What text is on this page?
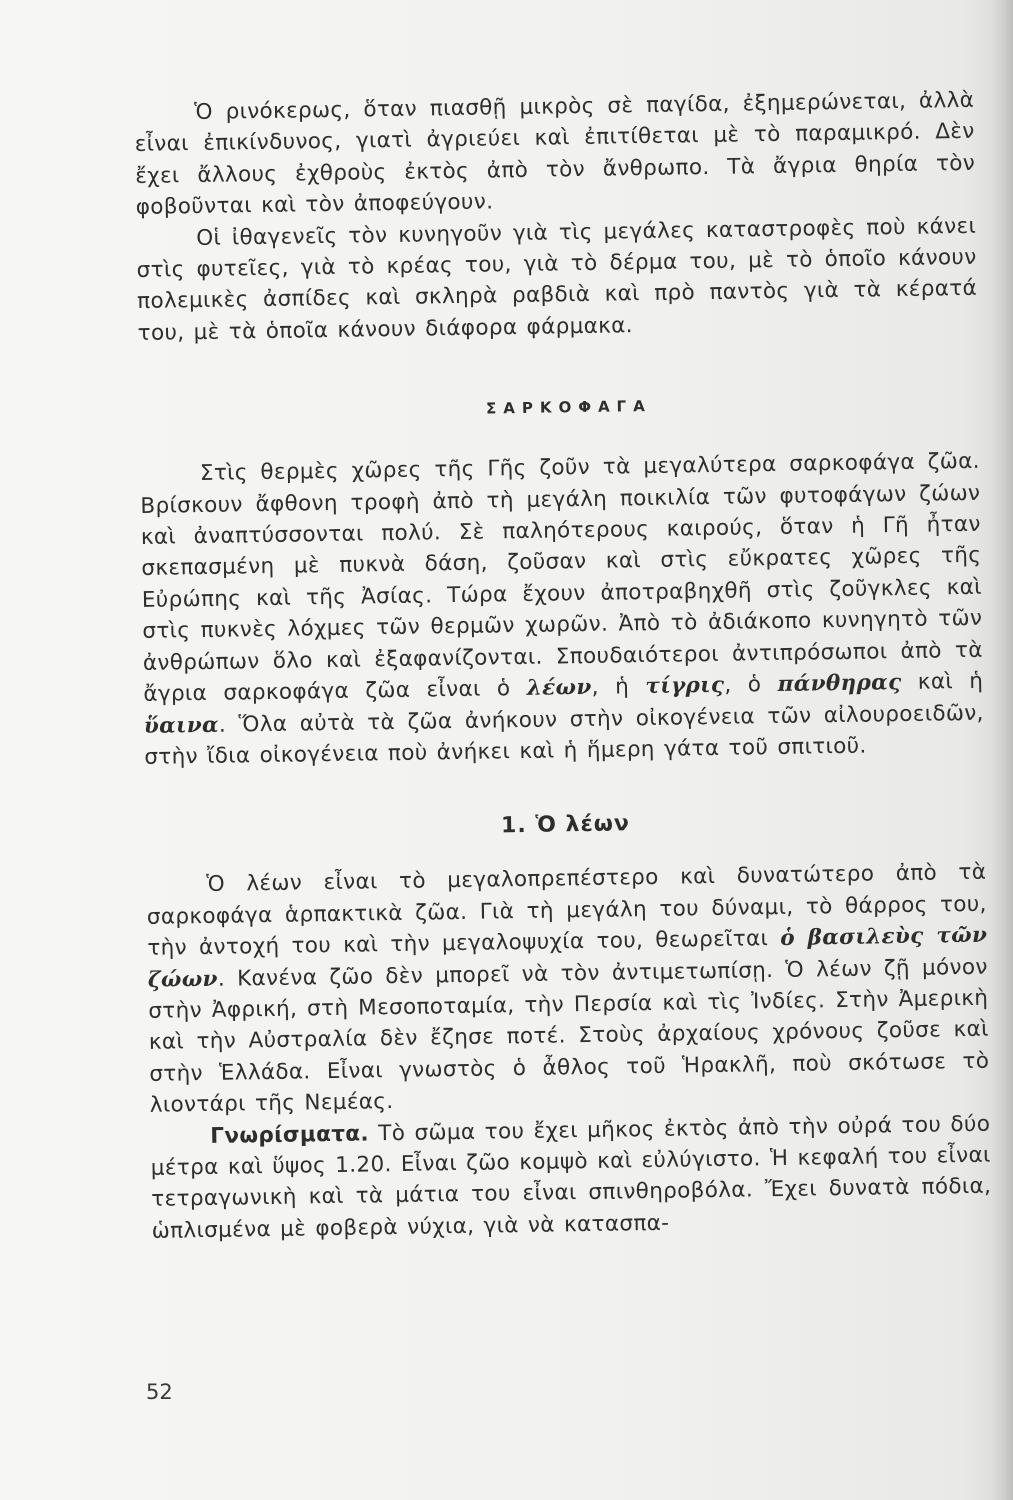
Ὁ ρινόκερως, ὅταν πιασθῇ μικρὸς σὲ παγίδα, ἐξημερώνεται, ἀλλὰ εἶναι ἐπικίνδυνος, γιατὶ ἀγριεύει καὶ ἐπιτίθεται μὲ τὸ παραμικρό. Δὲν ἔχει ἄλλους ἐχθροὺς ἐκτὸς ἀπὸ τὸν ἄνθρωπο. Τὰ ἄγρια θηρία τὸν φοβοῦνται καὶ τὸν ἀποφεύγουν.

Οἱ ἰθαγενεῖς τὸν κυνηγοῦν γιὰ τὶς μεγάλες καταστροφὲς ποὺ κάνει στὶς φυτεῖες, γιὰ τὸ κρέας του, γιὰ τὸ δέρμα του, μὲ τὸ ὁποῖο κάνουν πολεμικὲς ἀσπίδες καὶ σκληρὰ ραβδιὰ καὶ πρὸ παντὸς γιὰ τὰ κέρατά του, μὲ τὰ ὁποῖα κάνουν διάφορα φάρμακα.

ΣΑΡΚΟΦΑΓΑ

Στὶς θερμὲς χῶρες τῆς Γῆς ζοῦν τὰ μεγαλύτερα σαρκοφάγα ζῶα. Βρίσκουν ἄφθονη τροφὴ ἀπὸ τὴ μεγάλη ποικιλία τῶν φυτοφάγων ζώων καὶ ἀναπτύσσονται πολύ. Σὲ παληότερους καιρούς, ὅταν ἡ Γῆ ἦταν σκεπασμένη μὲ πυκνὰ δάση, ζοῦσαν καὶ στὶς εὔκρατες χῶρες τῆς Εὐρώπης καὶ τῆς Ἀσίας. Τώρα ἔχουν ἀποτραβηχθῆ στὶς ζοῦγκλες καὶ στὶς πυκνὲς λόχμες τῶν θερμῶν χωρῶν. Ἀπὸ τὸ ἀδιάκοπο κυνηγητὸ τῶν ἀνθρώπων ὅλο καὶ ἐξαφανίζονται. Σπουδαιότεροι ἀντιπρόσωποι ἀπὸ τὰ ἄγρια σαρκοφάγα ζῶα εἶναι ὁ λέων, ἡ τίγρις, ὁ πάνθηρας καὶ ἡ ὕαινα. Ὅλα αὐτὰ τὰ ζῶα ἀνήκουν στὴν οἰκογένεια τῶν αἰλουροειδῶν, στὴν ἴδια οἰκογένεια ποὺ ἀνήκει καὶ ἡ ἥμερη γάτα τοῦ σπιτιοῦ.

1. Ὁ λέων

Ὁ λέων εἶναι τὸ μεγαλοπρεπέστερο καὶ δυνατώτερο ἀπὸ τὰ σαρκοφάγα ἁρπακτικὰ ζῶα. Γιὰ τὴ μεγάλη του δύναμι, τὸ θάρρος του, τὴν ἀντοχή του καὶ τὴν μεγαλοψυχία του, θεωρεῖται ὁ βασιλεὺς τῶν ζώων. Κανένα ζῶο δὲν μπορεῖ νὰ τὸν ἀντιμετωπίσῃ. Ὁ λέων ζῇ μόνον στὴν Ἀφρική, στὴ Μεσοποταμία, τὴν Περσία καὶ τὶς Ἰνδίες. Στὴν Ἀμερικὴ καὶ τὴν Αὐστραλία δὲν ἔζησε ποτέ. Στοὺς ἀρχαίους χρόνους ζοῦσε καὶ στὴν Ἑλλάδα. Εἶναι γνωστὸς ὁ ἆθλος τοῦ Ἡρακλῆ, ποὺ σκότωσε τὸ λιοντάρι τῆς Νεμέας.

Γνωρίσματα. Τὸ σῶμα του ἔχει μῆκος ἐκτὸς ἀπὸ τὴν οὐρά του δύο μέτρα καὶ ὕψος 1.20. Εἶναι ζῶο κομψὸ καὶ εὐλύγιστο. Ἡ κεφαλή του εἶναι τετραγωνικὴ καὶ τὰ μάτια του εἶναι σπινθηροβόλα. Ἔχει δυνατὰ πόδια, ὡπλισμένα μὲ φοβερὰ νύχια, γιὰ νὰ κατασπα-

52
